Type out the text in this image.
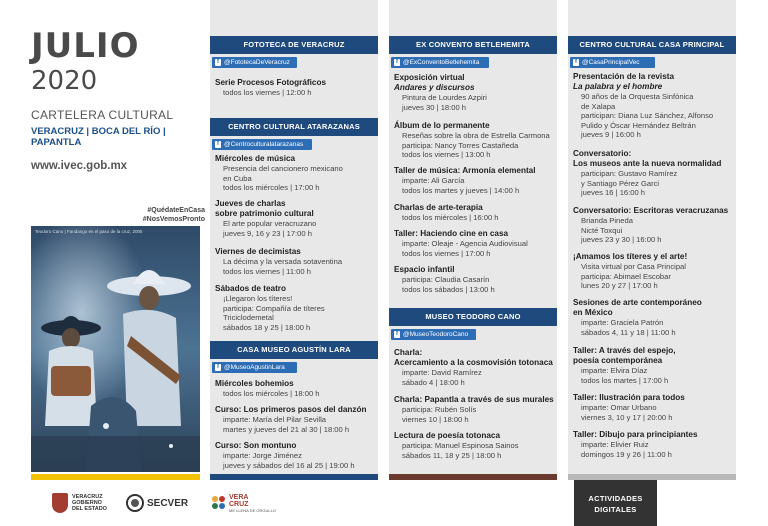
JULIO
2020
CARTELERA CULTURAL
VERACRUZ | BOCA DEL RÍO | PAPANTLA
www.ivec.gob.mx
#QuédateEnCasa
#NosVemosPronto
Teodoro Cano | Fandango en el paso de la cruz, 2005
FOTOTECA DE VERACRUZ
f @FototecaDeVeracruz
Serie Procesos Fotográficos
todos los viernes | 12:00 h
CENTRO CULTURAL ATARAZANAS
f @Centroculturalatarazanas
Miércoles de música
Presencia del cancionero mexicano
en Cuba
todos los miércoles | 17:00 h
Jueves de charlas
sobre patrimonio cultural
El arte popular veracruzano
jueves 9, 16 y 23 | 17:00 h
Viernes de decimistas
La décima y la versada sotaventina
todos los viernes | 11:00 h
Sábados de teatro
¡Llegaron los títeres!
participa: Compañía de títeres
Triciclodemetal
sábados 18 y 25 | 18:00 h
CASA MUSEO AGUSTÍN LARA
f @MuseoAgustinLara
Miércoles bohemios
todos los miércoles | 18:00 h
Curso: Los primeros pasos del danzón
imparte: María del Pilar Sevilla
martes y jueves del 21 al 30 | 18:00 h
Curso: Son montuno
imparte: Jorge Jiménez
jueves y sábados del 16 al 25 | 19:00 h
EX CONVENTO BETLEHEMITA
f @ExConventoBetlehemita
Exposición virtual
Andares y discursos
Pintura de Lourdes Azpiri
jueves 30 | 18:00 h
Álbum de lo permanente
Reseñas sobre la obra de Estrella Carmona
participa: Nancy Torres Castañeda
todos los viernes | 13:00 h
Taller de música: Armonía elemental
imparte: Ali García
todos los martes y jueves | 14:00 h
Charlas de arte-terapia
todos los miércoles | 16:00 h
Taller: Haciendo cine en casa
imparte: Oleaje - Agencia Audiovisual
todos los viernes | 17:00 h
Espacio infantil
participa: Claudia Casarín
todos los sábados | 13:00 h
MUSEO TEODORO CANO
f @MuseoTeodoroCano
Charla:
Acercamiento a la cosmovisión totonaca
imparte: David Ramírez
sábado 4 | 18:00 h
Charla: Papantla a través de sus murales
participa: Rubén Solís
viernes 10 | 18:00 h
Lectura de poesía totonaca
participa: Manuel Espinosa Sainos
sábados 11, 18 y 25 | 18:00 h
CENTRO CULTURAL CASA PRINCIPAL
f @CasaPrincipalVec
Presentación de la revista
La palabra y el hombre
90 años de la Orquesta Sinfónica
de Xalapa
participan: Diana Luz Sánchez, Alfonso
Pulido y Óscar Hernández Beltrán
jueves 9 | 16:00 h
Conversatorio:
Los museos ante la nueva normalidad
participan: Gustavo Ramírez
y Santiago Pérez Garci
jueves 16 | 16:00 h
Conversatorio: Escritoras veracruzanas
Brianda Pineda
Nicté Toxqui
jueves 23 y 30 | 16:00 h
¡Amamos los títeres y el arte!
Visita virtual por Casa Principal
participa: Abimael Escobar
lunes 20 y 27 | 17:00 h
Sesiones de arte contemporáneo
en México
imparte: Graciela Patrón
sábados 4, 11 y 18 | 11:00 h
Taller: A través del espejo,
poesía contemporánea
imparte: Elvira Díaz
todos los martes | 17:00 h
Taller: Ilustración para todos
imparte: Omar Urbano
viernes 3, 10 y 17 | 20:00 h
Taller: Dibujo para principiantes
imparte: Elivier Ruiz
domingos 19 y 26 | 11:00 h
VERACRUZ
GOBIERNO
DEL ESTADO
SECVER
VERA
CRUZ
ME LLENA DE ORGULLO
ACTIVIDADES
DIGITALES
